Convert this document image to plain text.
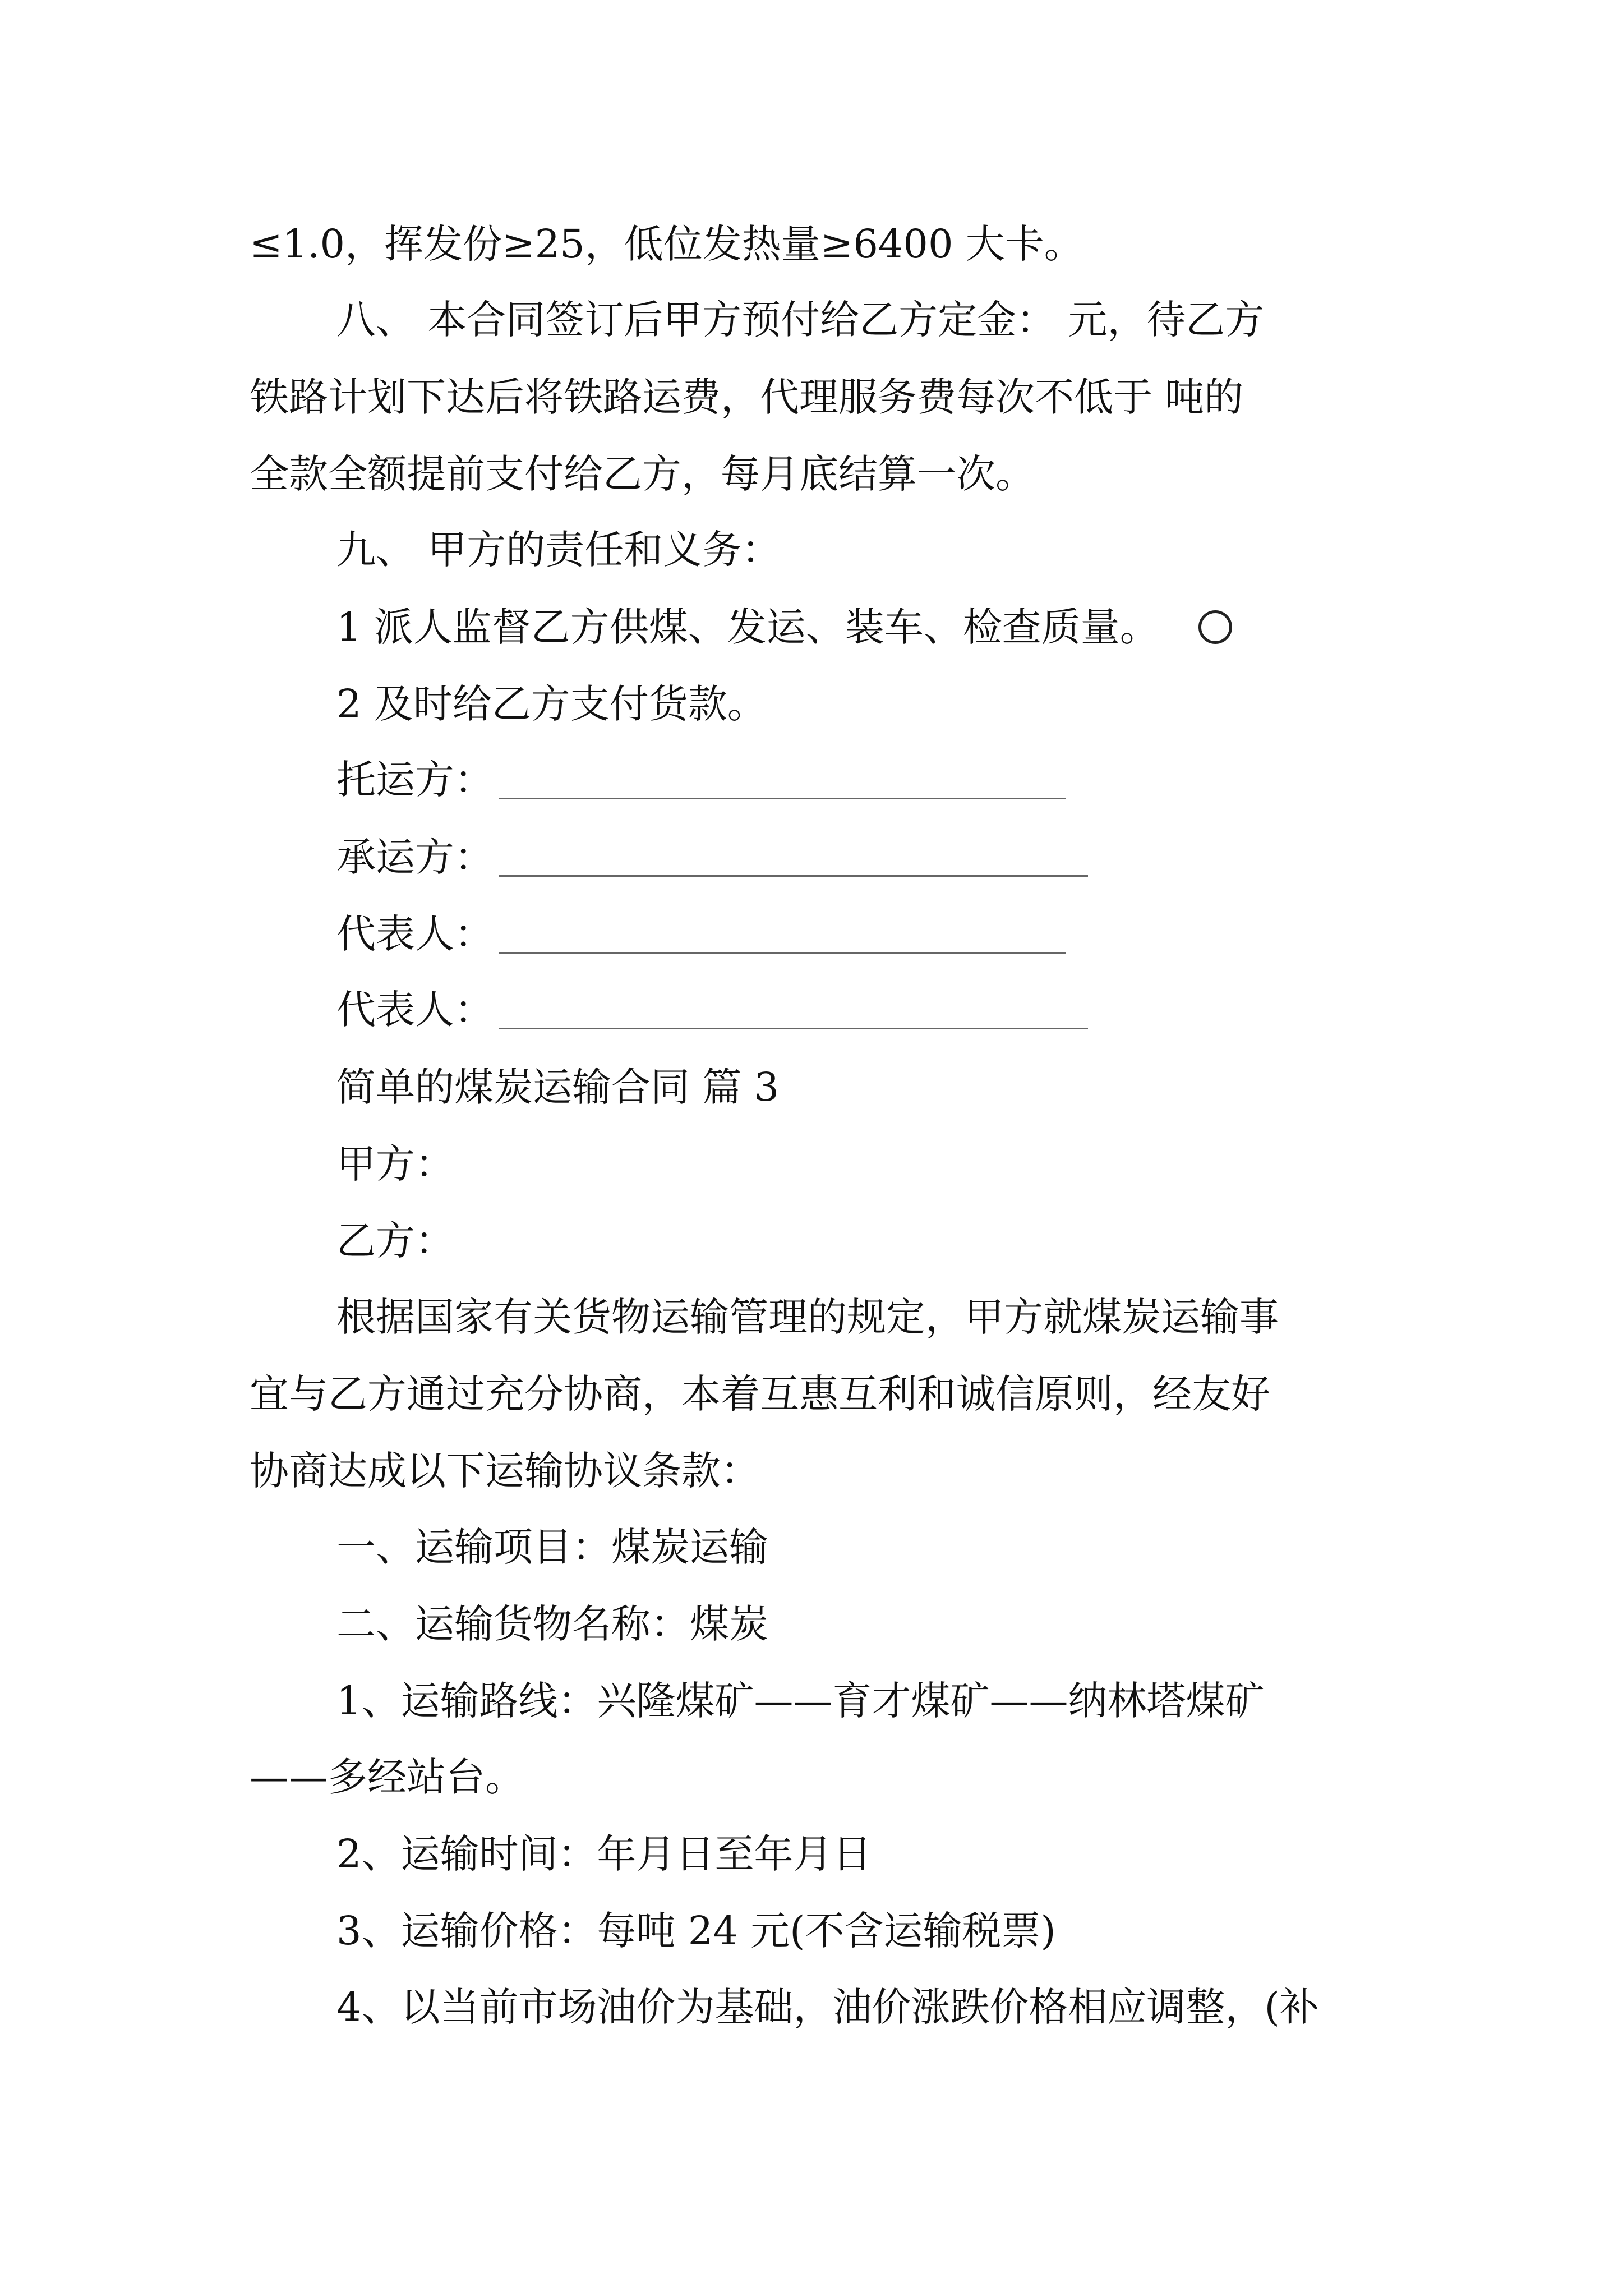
≤1.0，挥发份≥25，低位发热量≥6400 大卡。
八、 本合同签订后甲方预付给乙方定金： 元，待乙方
铁路计划下达后将铁路运费，代理服务费每次不低于 吨的
全款全额提前支付给乙方，每月底结算一次。
九、 甲方的责任和义务：
1 派人监督乙方供煤、发运、装车、检查质量。
2 及时给乙方支付货款。
托运方：
承运方：
代表人：
代表人：
简单的煤炭运输合同 篇 3
甲方：
乙方：
根据国家有关货物运输管理的规定，甲方就煤炭运输事
宜与乙方通过充分协商，本着互惠互利和诚信原则，经友好
协商达成以下运输协议条款：
一、运输项目：煤炭运输
二、运输货物名称：煤炭
1、运输路线：兴隆煤矿——育才煤矿——纳林塔煤矿
——多经站台。
2、运输时间：年月日至年月日
3、运输价格：每吨 24 元(不含运输税票)
4、以当前市场油价为基础，油价涨跌价格相应调整，(补
